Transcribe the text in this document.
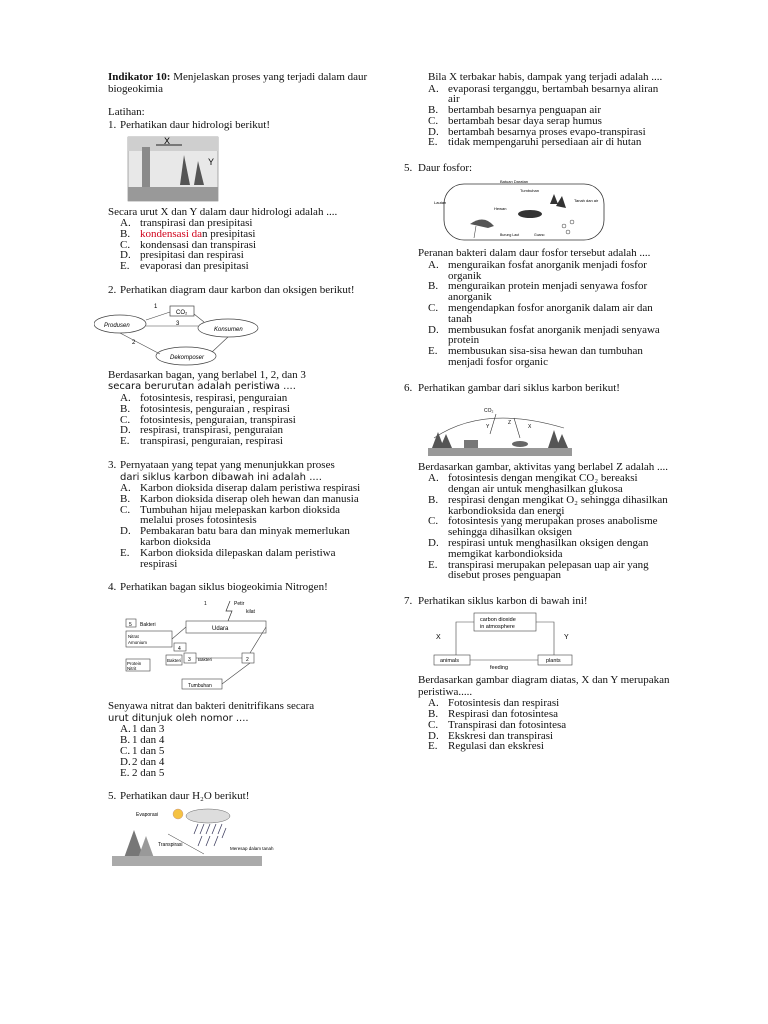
Indikator 10: Menjelaskan proses yang terjadi dalam daur biogeokimia

Latihan:

1. Perhatikan daur hidrologi berikut!
X
Y

Secara urut X dan Y dalam daur hidrologi adalah ....

A. transpirasi dan presipitasi
B. kondensasi dan presipitasi
C. kondensasi dan transpirasi
D. presipitasi dan respirasi
E. evaporasi dan presipitasi
2. Perhatikan diagram daur karbon dan oksigen berikut!
Produsen
CO₂
Konsumen
Dekomposer
1
3
2

Berdasarkan bagan, yang berlabel 1, 2, dan 3

secara berurutan adalah peristiwa ....

A. fotosintesis, respirasi, penguraian
B. fotosintesis, penguraian , respirasi
C. fotosintesis, penguraian, transpirasi
D. respirasi, transpirasi, penguraian
E. transpirasi, penguraian, respirasi
3. Pernyataan yang tepat yang menunjukkan proses
dari siklus karbon dibawah ini adalah ....
A. Karbon dioksida diserap dalam peristiwa respirasi
B. Karbon dioksida diserap oleh hewan dan manusia
C. Tumbuhan hijau melepaskan karbon dioksida melalui proses fotosintesis
D. Pembakaran batu bara dan minyak memerlukan karbon dioksida
E. Karbon dioksida dilepaskan dalam peristiwa respirasi
4. Perhatikan bagan siklus biogeokimia Nitrogen!
1	Petir
kilat
Udara
5 Bakteri
Nitrat
Amonium
4
Bakteri 3 Bakteri	2
Protein
Nitrit
Tumbuhan

Senyawa nitrat dan bakteri denitrifikans secara

urut ditunjuk oleh nomor ....

A. 1 dan 3
B. 1 dan 4
C. 1 dan 5
D. 2 dan 4
E. 2 dan 5
5. Perhatikan daur H₂O berikut!
Evaporasi
Transpirasi
Meresap dalam tanah

Bila X terbakar habis, dampak yang terjadi adalah ....

A. evaporasi terganggu, bertambah besarnya aliran air
B. bertambah besarnya penguapan air
C. bertambah besar daya serap humus
D. bertambah besarnya proses evapo-transpirasi
E. tidak mempengaruhi persediaan air di hutan
5. Daur fosfor:
Batuan Daratan
Tumbuhan
Lautan
Hewan
Tanah dan air
Burung Laut	Guano

Peranan bakteri dalam daur fosfor tersebut adalah ....

A. menguraikan fosfat anorganik menjadi fosfor organik
B. menguraikan protein menjadi senyawa fosfor anorganik
C. mengendapkan fosfor anorganik dalam air dan tanah
D. membusukan fosfat anorganik menjadi senyawa protein
E. membusukan sisa-sisa hewan dan tumbuhan menjadi fosfor organic
6. Perhatikan gambar dari siklus karbon berikut!
CO₂
Z
X
Y

Berdasarkan gambar, aktivitas yang berlabel Z adalah ....

A. fotosintesis dengan mengikat CO₂ bereaksi dengan air untuk menghasilkan glukosa
B. respirasi dengan mengikat O₂ sehingga dihasilkan karbondioksida dan energi
C. fotosintesis yang merupakan proses anabolisme sehingga dihasilkan oksigen
D. respirasi untuk menghasilkan oksigen dengan memgikat karbondioksida
E. transpirasi merupakan pelepasan uap air yang disebut proses penguapan
7. Perhatikan siklus karbon di bawah ini!
carbon dioxide
in atmosphere
X	Y
animals	plants
feeding

Berdasarkan gambar diagram diatas, X dan Y merupakan peristiwa.....

A. Fotosintesis dan respirasi
B. Respirasi dan fotosintesa
C. Transpirasi dan fotosintesa
D. Ekskresi dan transpirasi
E. Regulasi dan ekskresi
